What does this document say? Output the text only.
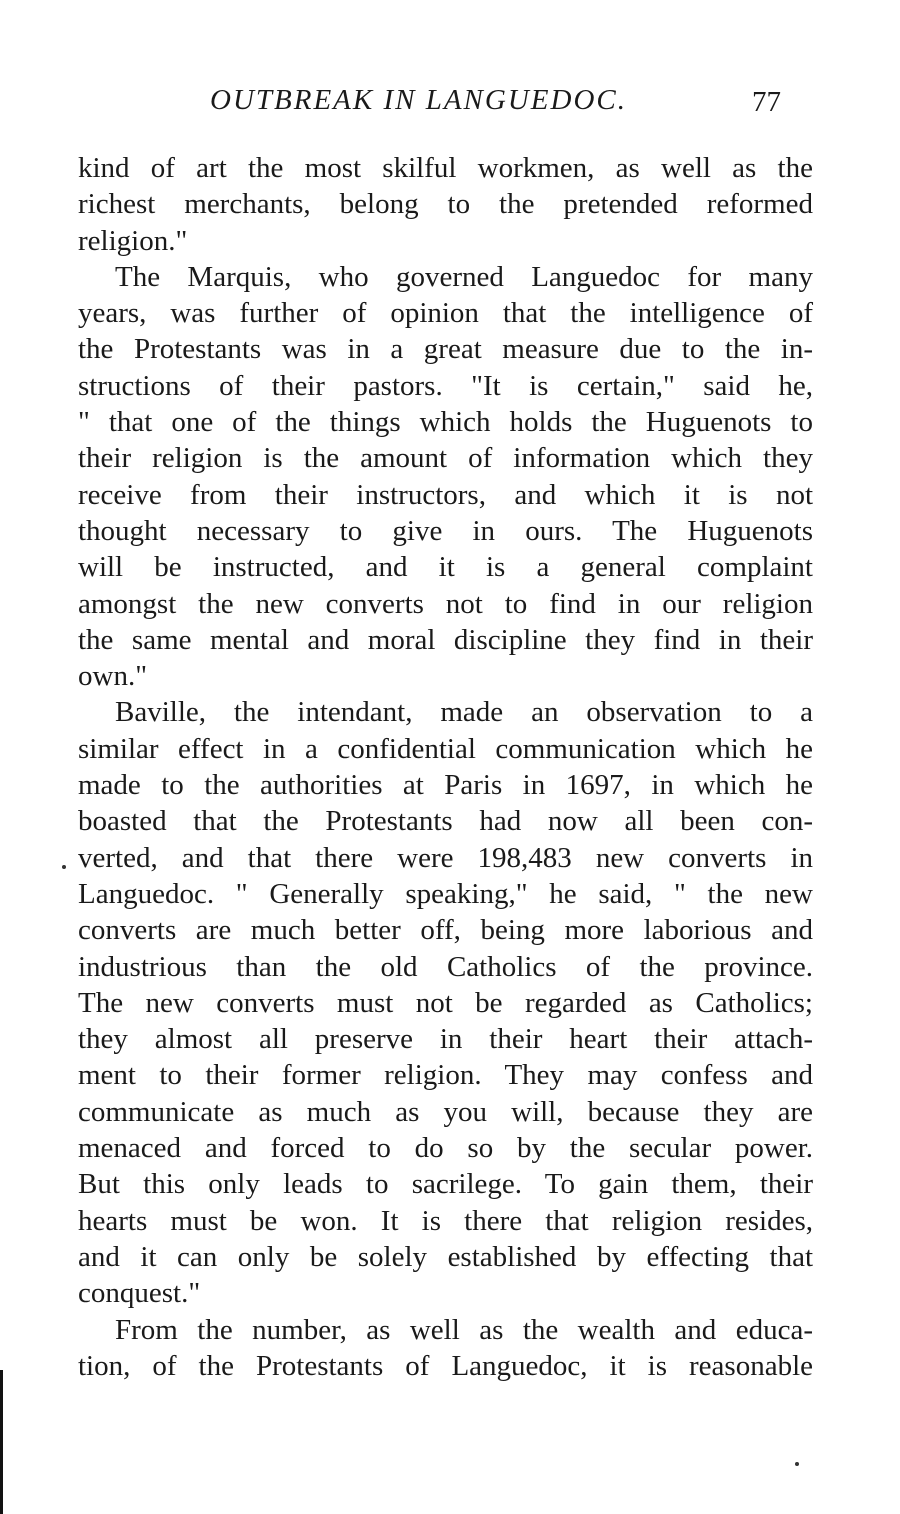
OUTBREAK IN LANGUEDOC.	77
kind of art the most skilful workmen, as well as the
richest merchants, belong to the pretended reformed
religion."
The Marquis, who governed Languedoc for many
years, was further of opinion that the intelligence of
the Protestants was in a great measure due to the in-
structions of their pastors. "It is certain," said he,
" that one of the things which holds the Huguenots to
their religion is the amount of information which they
receive from their instructors, and which it is not
thought necessary to give in ours. The Huguenots
will be instructed, and it is a general complaint
amongst the new converts not to find in our religion
the same mental and moral discipline they find in their
own."
Baville, the intendant, made an observation to a
similar effect in a confidential communication which he
made to the authorities at Paris in 1697, in which he
boasted that the Protestants had now all been con-
verted, and that there were 198,483 new converts in
Languedoc. " Generally speaking," he said, " the new
converts are much better off, being more laborious and
industrious than the old Catholics of the province.
The new converts must not be regarded as Catholics;
they almost all preserve in their heart their attach-
ment to their former religion. They may confess and
communicate as much as you will, because they are
menaced and forced to do so by the secular power.
But this only leads to sacrilege. To gain them, their
hearts must be won. It is there that religion resides,
and it can only be solely established by effecting that
conquest."
From the number, as well as the wealth and educa-
tion, of the Protestants of Languedoc, it is reasonable
